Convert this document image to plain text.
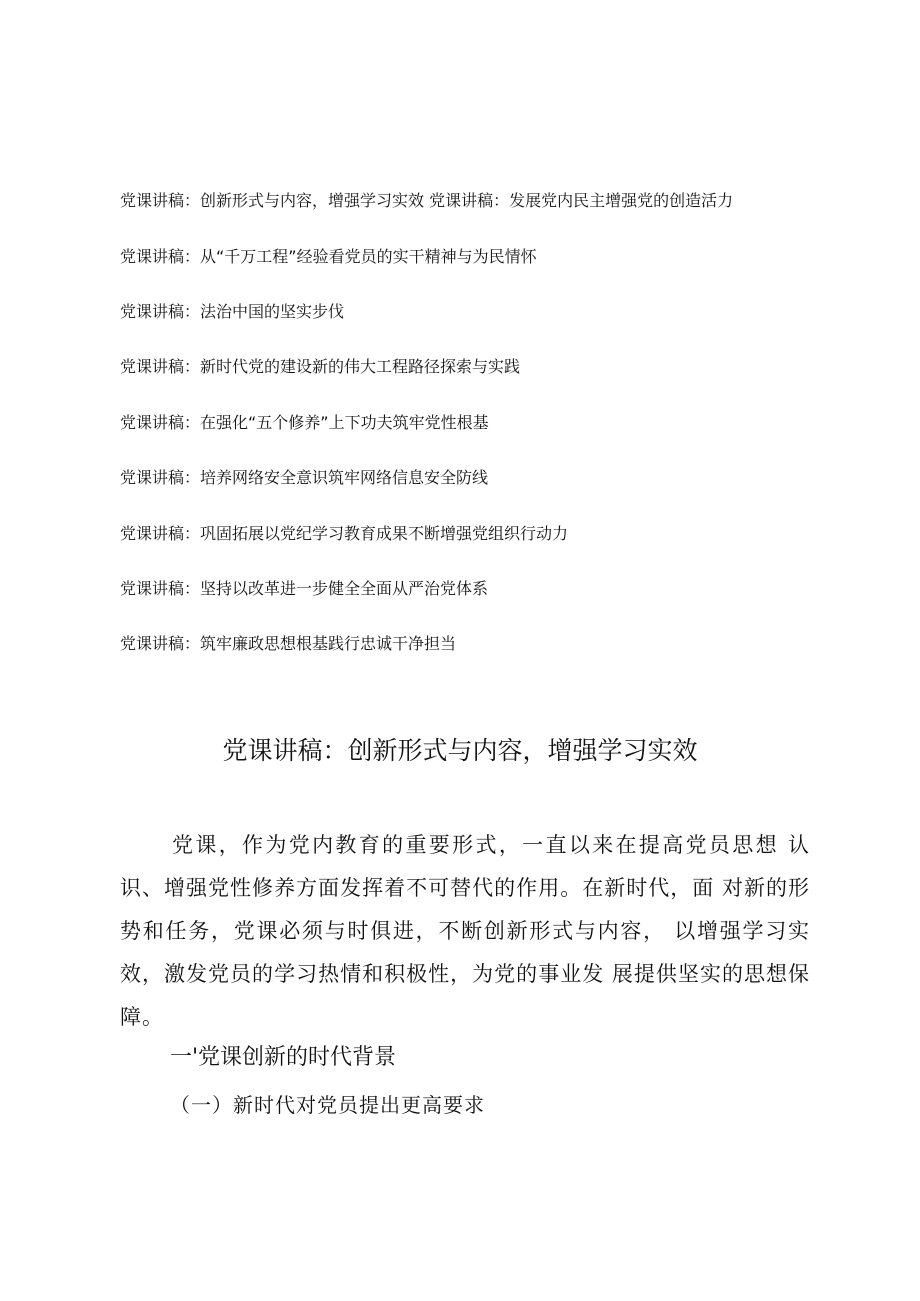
党课讲稿：创新形式与内容，增强学习实效 党课讲稿：发展党内民主增强党的创造活力
党课讲稿：从“千万工程”经验看党员的实干精神与为民情怀
党课讲稿：法治中国的坚实步伐
党课讲稿：新时代党的建设新的伟大工程路径探索与实践
党课讲稿：在强化“五个修养”上下功夫筑牢党性根基
党课讲稿：培养网络安全意识筑牢网络信息安全防线
党课讲稿：巩固拓展以党纪学习教育成果不断增强党组织行动力
党课讲稿：坚持以改革进一步健全全面从严治党体系
党课讲稿：筑牢廉政思想根基践行忠诚干净担当
党课讲稿：创新形式与内容，增强学习实效
党课，作为党内教育的重要形式，一直以来在提高党员思想 认识、增强党性修养方面发挥着不可替代的作用。在新时代，面 对新的形势和任务，党课必须与时俱进，不断创新形式与内容， 以增强学习实效，激发党员的学习热情和积极性，为党的事业发 展提供坚实的思想保障。
一'党课创新的时代背景
（一）新时代对党员提出更高要求
